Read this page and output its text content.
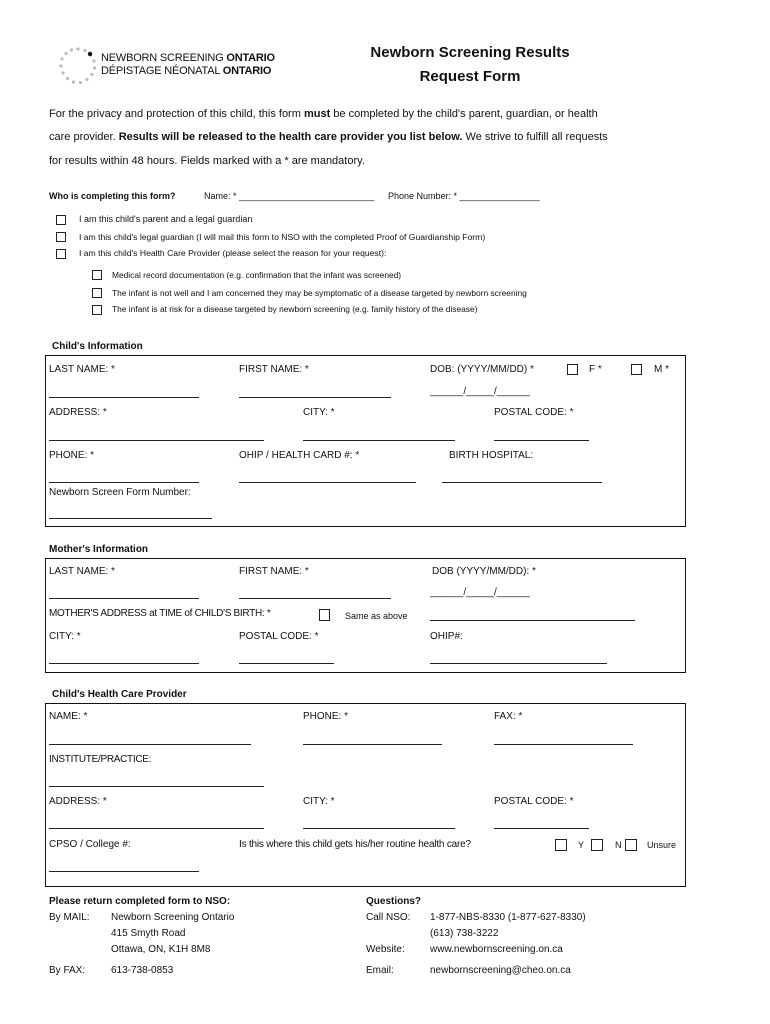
NEWBORN SCREENING ONTARIO
DÉPISTAGE NÉONATAL ONTARIO
Newborn Screening Results
Request Form
For the privacy and protection of this child, this form must be completed by the child's parent, guardian, or health
care provider. Results will be released to the health care provider you list below. We strive to fulfill all requests
for results within 48 hours. Fields marked with a * are mandatory.
Who is completing this form?	Name: * ___________________________ Phone Number: * ________________
I am this child's parent and a legal guardian
I am this child's legal guardian (I will mail this form to NSO with the completed Proof of Guardianship Form)
I am this child's Health Care Provider (please select the reason for your request):
Medical record documentation (e.g. confirmation that the infant was screened)
The infant is not well and I am concerned they may be symptomatic of a disease targeted by newborn screening
The infant is at risk for a disease targeted by newborn screening (e.g. family history of the disease)
Child's Information
LAST NAME: *	FIRST NAME: *	DOB: (YYYY/MM/DD) *	F *	M *
______/_____/______
ADDRESS: *	CITY: *	POSTAL CODE: *
PHONE: *	OHIP / HEALTH CARD #: *	BIRTH HOSPITAL:
Newborn Screen Form Number:
Mother's Information
LAST NAME: *	FIRST NAME: *	DOB (YYYY/MM/DD): *
______/_____/______
MOTHER'S ADDRESS at TIME of CHILD'S BIRTH: *	Same as above
CITY: *	POSTAL CODE: *	OHIP#:
Child's Health Care Provider
NAME: *	PHONE: *	FAX: *
INSTITUTE/PRACTICE:
ADDRESS: *	CITY: *	POSTAL CODE: *
CPSO / College #:	Is this where this child gets his/her routine health care?	Y	N	Unsure
Please return completed form to NSO:
By MAIL: Newborn Screening Ontario
415 Smyth Road
Ottawa, ON, K1H 8M8
By FAX:	613-738-0853
Questions?
Call NSO: 1-877-NBS-8330 (1-877-627-8330)
(613) 738-3222
Website:	www.newbornscreening.on.ca
Email:	newbornscreening@cheo.on.ca
